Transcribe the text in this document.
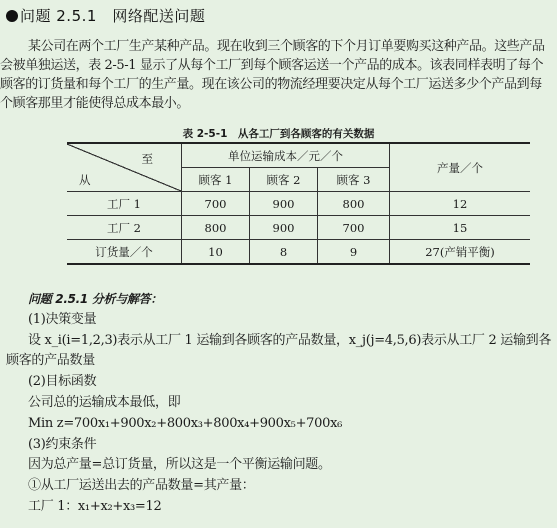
问题 2.5.1　网络配送问题

某公司在两个工厂生产某种产品。现在收到三个顾客的下个月订单要购买这种产品。这些产品会被单独运送，表 2-5-1 显示了从每个工厂到每个顾客运送一个产品的成本。该表同样表明了每个顾客的订货量和每个工厂的生产量。现在该公司的物流经理要决定从每个工厂运送多少个产品到每个顾客那里才能使得总成本最小。

表 2-5-1　从各工厂到各顾客的有关数据
至
从	单位运输成本／元／个			产量／个
	顾客 1	顾客 2	顾客 3	
工厂 1	700	900	800	12
工厂 2	800	900	700	15
订货量／个	10	8	9	27(产销平衡)
问题 2.5.1 分析与解答：
(1)决策变量
设 x_i(i=1,2,3)表示从工厂 1 运输到各顾客的产品数量，x_j(j=4,5,6)表示从工厂 2 运输到各顾客的产品数量
(2)目标函数
公司总的运输成本最低，即
Min z=700x₁+900x₂+800x₃+800x₄+900x₅+700x₆
(3)约束条件
因为总产量=总订货量，所以这是一个平衡运输问题。
①从工厂运送出去的产品数量=其产量：
工厂 1：x₁+x₂+x₃=12
